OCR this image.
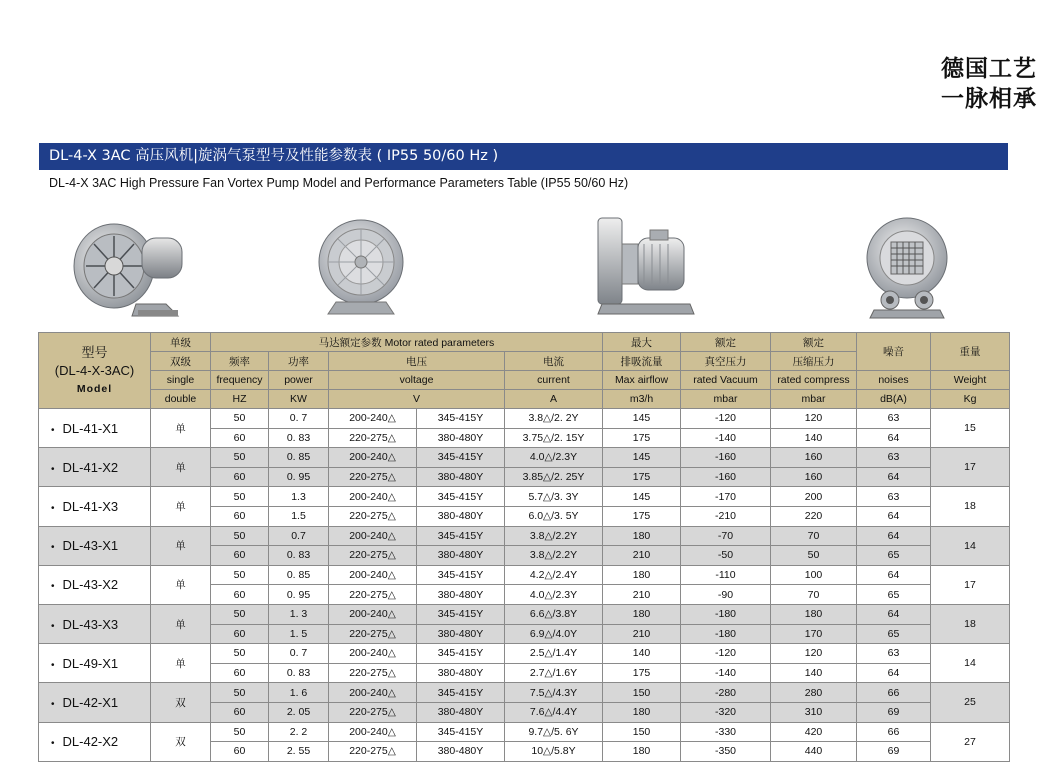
德国工艺
一脉相承
DL-4-X 3AC 高压风机|旋涡气泵型号及性能参数表 ( IP55 50/60 Hz )
DL-4-X 3AC High Pressure Fan Vortex Pump Model and Performance Parameters Table (IP55 50/60 Hz)
型号
(DL-4-X-3AC)
Model	单级	马达额定参数 Motor rated parameters					最大	额定	额定	噪音	重量
	双级	频率	功率	电压		电流	排吸流量	真空压力	压缩压力		
	single	frequency	power	voltage		current	Max airflow	rated Vacuum	rated compress	noises	Weight
	double	HZ	KW	V		A	m3/h	mbar	mbar	dB(A)	Kg
• DL-41-X1	单	50	0. 7	200-240△	345-415Y	3.8△/2. 2Y	145	-120	120	63	15
		60	0. 83	220-275△	380-480Y	3.75△/2. 15Y	175	-140	140	64	
• DL-41-X2	单	50	0. 85	200-240△	345-415Y	4.0△/2.3Y	145	-160	160	63	17
		60	0. 95	220-275△	380-480Y	3.85△/2. 25Y	175	-160	160	64	
• DL-41-X3	单	50	1.3	200-240△	345-415Y	5.7△/3. 3Y	145	-170	200	63	18
		60	1.5	220-275△	380-480Y	6.0△/3. 5Y	175	-210	220	64	
• DL-43-X1	单	50	0.7	200-240△	345-415Y	3.8△/2.2Y	180	-70	70	64	14
		60	0. 83	220-275△	380-480Y	3.8△/2.2Y	210	-50	50	65	
• DL-43-X2	单	50	0. 85	200-240△	345-415Y	4.2△/2.4Y	180	-110	100	64	17
		60	0. 95	220-275△	380-480Y	4.0△/2.3Y	210	-90	70	65	
• DL-43-X3	单	50	1. 3	200-240△	345-415Y	6.6△/3.8Y	180	-180	180	64	18
		60	1. 5	220-275△	380-480Y	6.9△/4.0Y	210	-180	170	65	
• DL-49-X1	单	50	0. 7	200-240△	345-415Y	2.5△/1.4Y	140	-120	120	63	14
		60	0. 83	220-275△	380-480Y	2.7△/1.6Y	175	-140	140	64	
• DL-42-X1	双	50	1. 6	200-240△	345-415Y	7.5△/4.3Y	150	-280	280	66	25
		60	2. 05	220-275△	380-480Y	7.6△/4.4Y	180	-320	310	69	
• DL-42-X2	双	50	2. 2	200-240△	345-415Y	9.7△/5. 6Y	150	-330	420	66	27
		60	2. 55	220-275△	380-480Y	10△/5.8Y	180	-350	440	69	
